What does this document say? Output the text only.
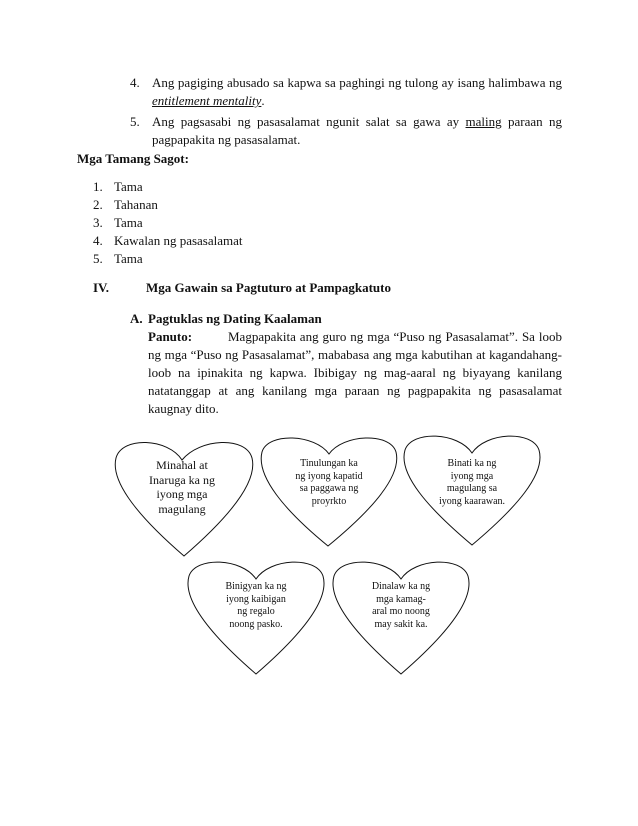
4. Ang pagiging abusado sa kapwa sa paghingi ng tulong ay isang halimbawa ng entitlement mentality.
5. Ang pagsasabi ng pasasalamat ngunit salat sa gawa ay maling paraan ng pagpapakita ng pasasalamat.
Mga Tamang Sagot:
1. Tama
2. Tahanan
3. Tama
4. Kawalan ng pasasalamat
5. Tama
IV.	Mga Gawain sa Pagtuturo at Pampagkatuto
A. Pagtuklas ng Dating Kaalaman
Panuto:	Magpapakita ang guro ng mga “Puso ng Pasasalamat”. Sa loob ng mga “Puso ng Pasasalamat”, mababasa ang mga kabutihan at kagandahang-loob na ipinakita ng kapwa. Ibibigay ng mag-aaral ng biyayang kanilang natatanggap at ang kanilang mga paraan ng pagpapakita ng pasasalamat kaugnay dito.
Minahal at
Inaruga ka ng
iyong mga
magulang
Tinulungan ka
ng iyong kapatid
sa paggawa ng
proyrkto
Binati ka ng
iyong mga
magulang sa
iyong kaarawan.
Binigyan ka ng
iyong kaibigan
ng regalo
noong pasko.
Dinalaw ka ng
mga kamag-
aral mo noong
may sakit ka.
